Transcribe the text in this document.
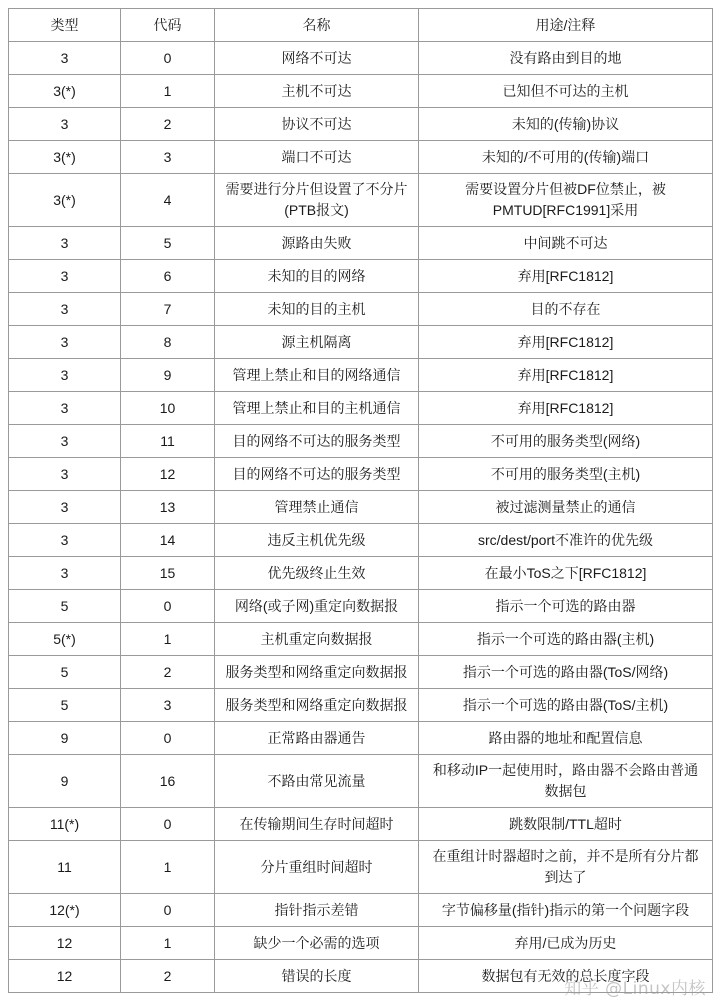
类型	代码	名称	用途/注释
3	0	网络不可达	没有路由到目的地
3(*)	1	主机不可达	已知但不可达的主机
3	2	协议不可达	未知的(传输)协议
3(*)	3	端口不可达	未知的/不可用的(传输)端口
3(*)	4	需要进行分片但设置了不分片(PTB报文)	需要设置分片但被DF位禁止，被PMTUD[RFC1991]采用
3	5	源路由失败	中间跳不可达
3	6	未知的目的网络	弃用[RFC1812]
3	7	未知的目的主机	目的不存在
3	8	源主机隔离	弃用[RFC1812]
3	9	管理上禁止和目的网络通信	弃用[RFC1812]
3	10	管理上禁止和目的主机通信	弃用[RFC1812]
3	11	目的网络不可达的服务类型	不可用的服务类型(网络)
3	12	目的网络不可达的服务类型	不可用的服务类型(主机)
3	13	管理禁止通信	被过滤测量禁止的通信
3	14	违反主机优先级	src/dest/port不准许的优先级
3	15	优先级终止生效	在最小ToS之下[RFC1812]
5	0	网络(或子网)重定向数据报	指示一个可选的路由器
5(*)	1	主机重定向数据报	指示一个可选的路由器(主机)
5	2	服务类型和网络重定向数据报	指示一个可选的路由器(ToS/网络)
5	3	服务类型和网络重定向数据报	指示一个可选的路由器(ToS/主机)
9	0	正常路由器通告	路由器的地址和配置信息
9	16	不路由常见流量	和移动IP一起使用时，路由器不会路由普通数据包
11(*)	0	在传输期间生存时间超时	跳数限制/TTL超时
11	1	分片重组时间超时	在重组计时器超时之前，并不是所有分片都到达了
12(*)	0	指针指示差错	字节偏移量(指针)指示的第一个问题字段
12	1	缺少一个必需的选项	弃用/已成为历史
12	2	错误的长度	数据包有无效的总长度字段
知乎 @Linux内核
